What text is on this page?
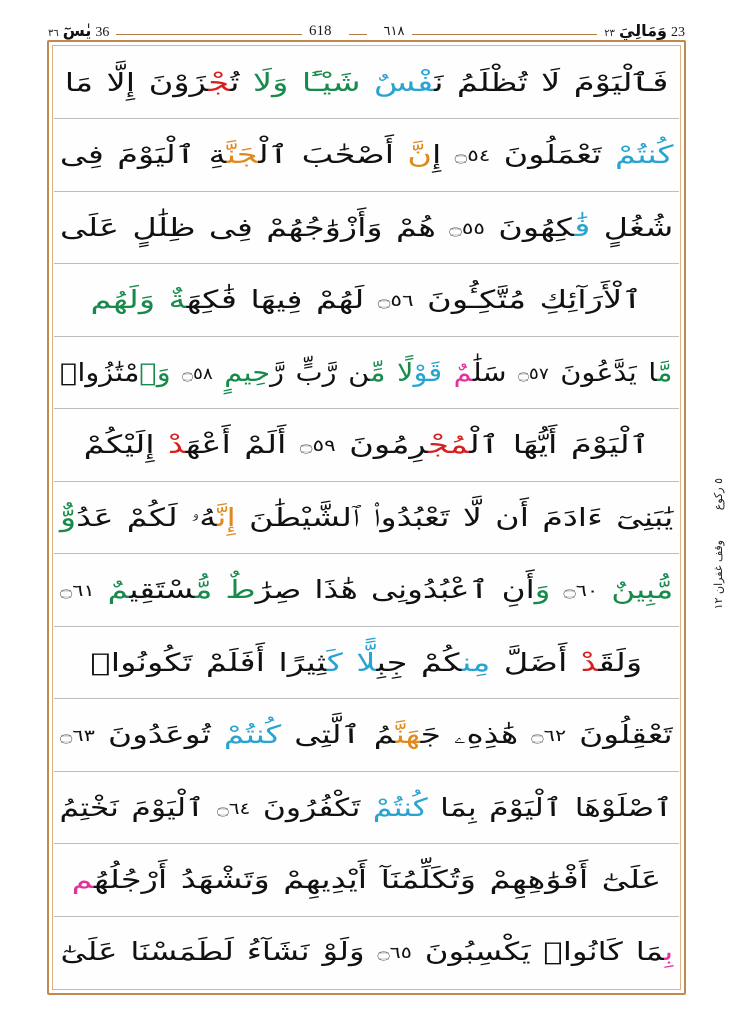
23
وَمَالِيَ
٢٣
٦١٨
618
36
يٰسٓ
٣٦
فَٱلْيَوْمَ لَا تُظْلَمُ نَفْسٌ شَيْـًٔا وَلَا تُجْزَوْنَ إِلَّا مَا
كُنتُمْ تَعْمَلُونَ ۝٥٤ إِنَّ أَصْحَٰبَ ٱلْجَنَّةِ ٱلْيَوْمَ فِى
شُغُلٍ فَٰكِهُونَ ۝٥٥ هُمْ وَأَزْوَٰجُهُمْ فِى ظِلَٰلٍ عَلَى
ٱلْأَرَآئِكِ مُتَّكِـُٔونَ ۝٥٦ لَهُمْ فِيهَا فَٰكِهَةٌ وَلَهُم
مَّا يَدَّعُونَ ۝٥٧ سَلَٰمٌ قَوْلًا مِّن رَّبٍّ رَّحِيمٍ ۝٥٨ وَٱمْتَٰزُوا۟
ٱلْيَوْمَ أَيُّهَا ٱلْمُجْرِمُونَ ۝٥٩ أَلَمْ أَعْهَدْ إِلَيْكُمْ
يَٰبَنِىٓ ءَادَمَ أَن لَّا تَعْبُدُوا۟ ٱلشَّيْطَٰنَ إِنَّهُۥ لَكُمْ عَدُوٌّ
مُّبِينٌ ۝٦٠ وَأَنِ ٱعْبُدُونِى هَٰذَا صِرَٰطٌ مُّسْتَقِيمٌ ۝٦١
وَلَقَدْ أَضَلَّ مِنكُمْ جِبِلًّا كَثِيرًا أَفَلَمْ تَكُونُوا۟
تَعْقِلُونَ ۝٦٢ هَٰذِهِۦ جَهَنَّمُ ٱلَّتِى كُنتُمْ تُوعَدُونَ ۝٦٣
ٱصْلَوْهَا ٱلْيَوْمَ بِمَا كُنتُمْ تَكْفُرُونَ ۝٦٤ ٱلْيَوْمَ نَخْتِمُ
عَلَىٰٓ أَفْوَٰهِهِمْ وَتُكَلِّمُنَآ أَيْدِيهِمْ وَتَشْهَدُ أَرْجُلُهُم
بِمَا كَانُوا۟ يَكْسِبُونَ ۝٦٥ وَلَوْ نَشَآءُ لَطَمَسْنَا عَلَىٰٓ
٥ ركوع
وقف غفران ١٢
